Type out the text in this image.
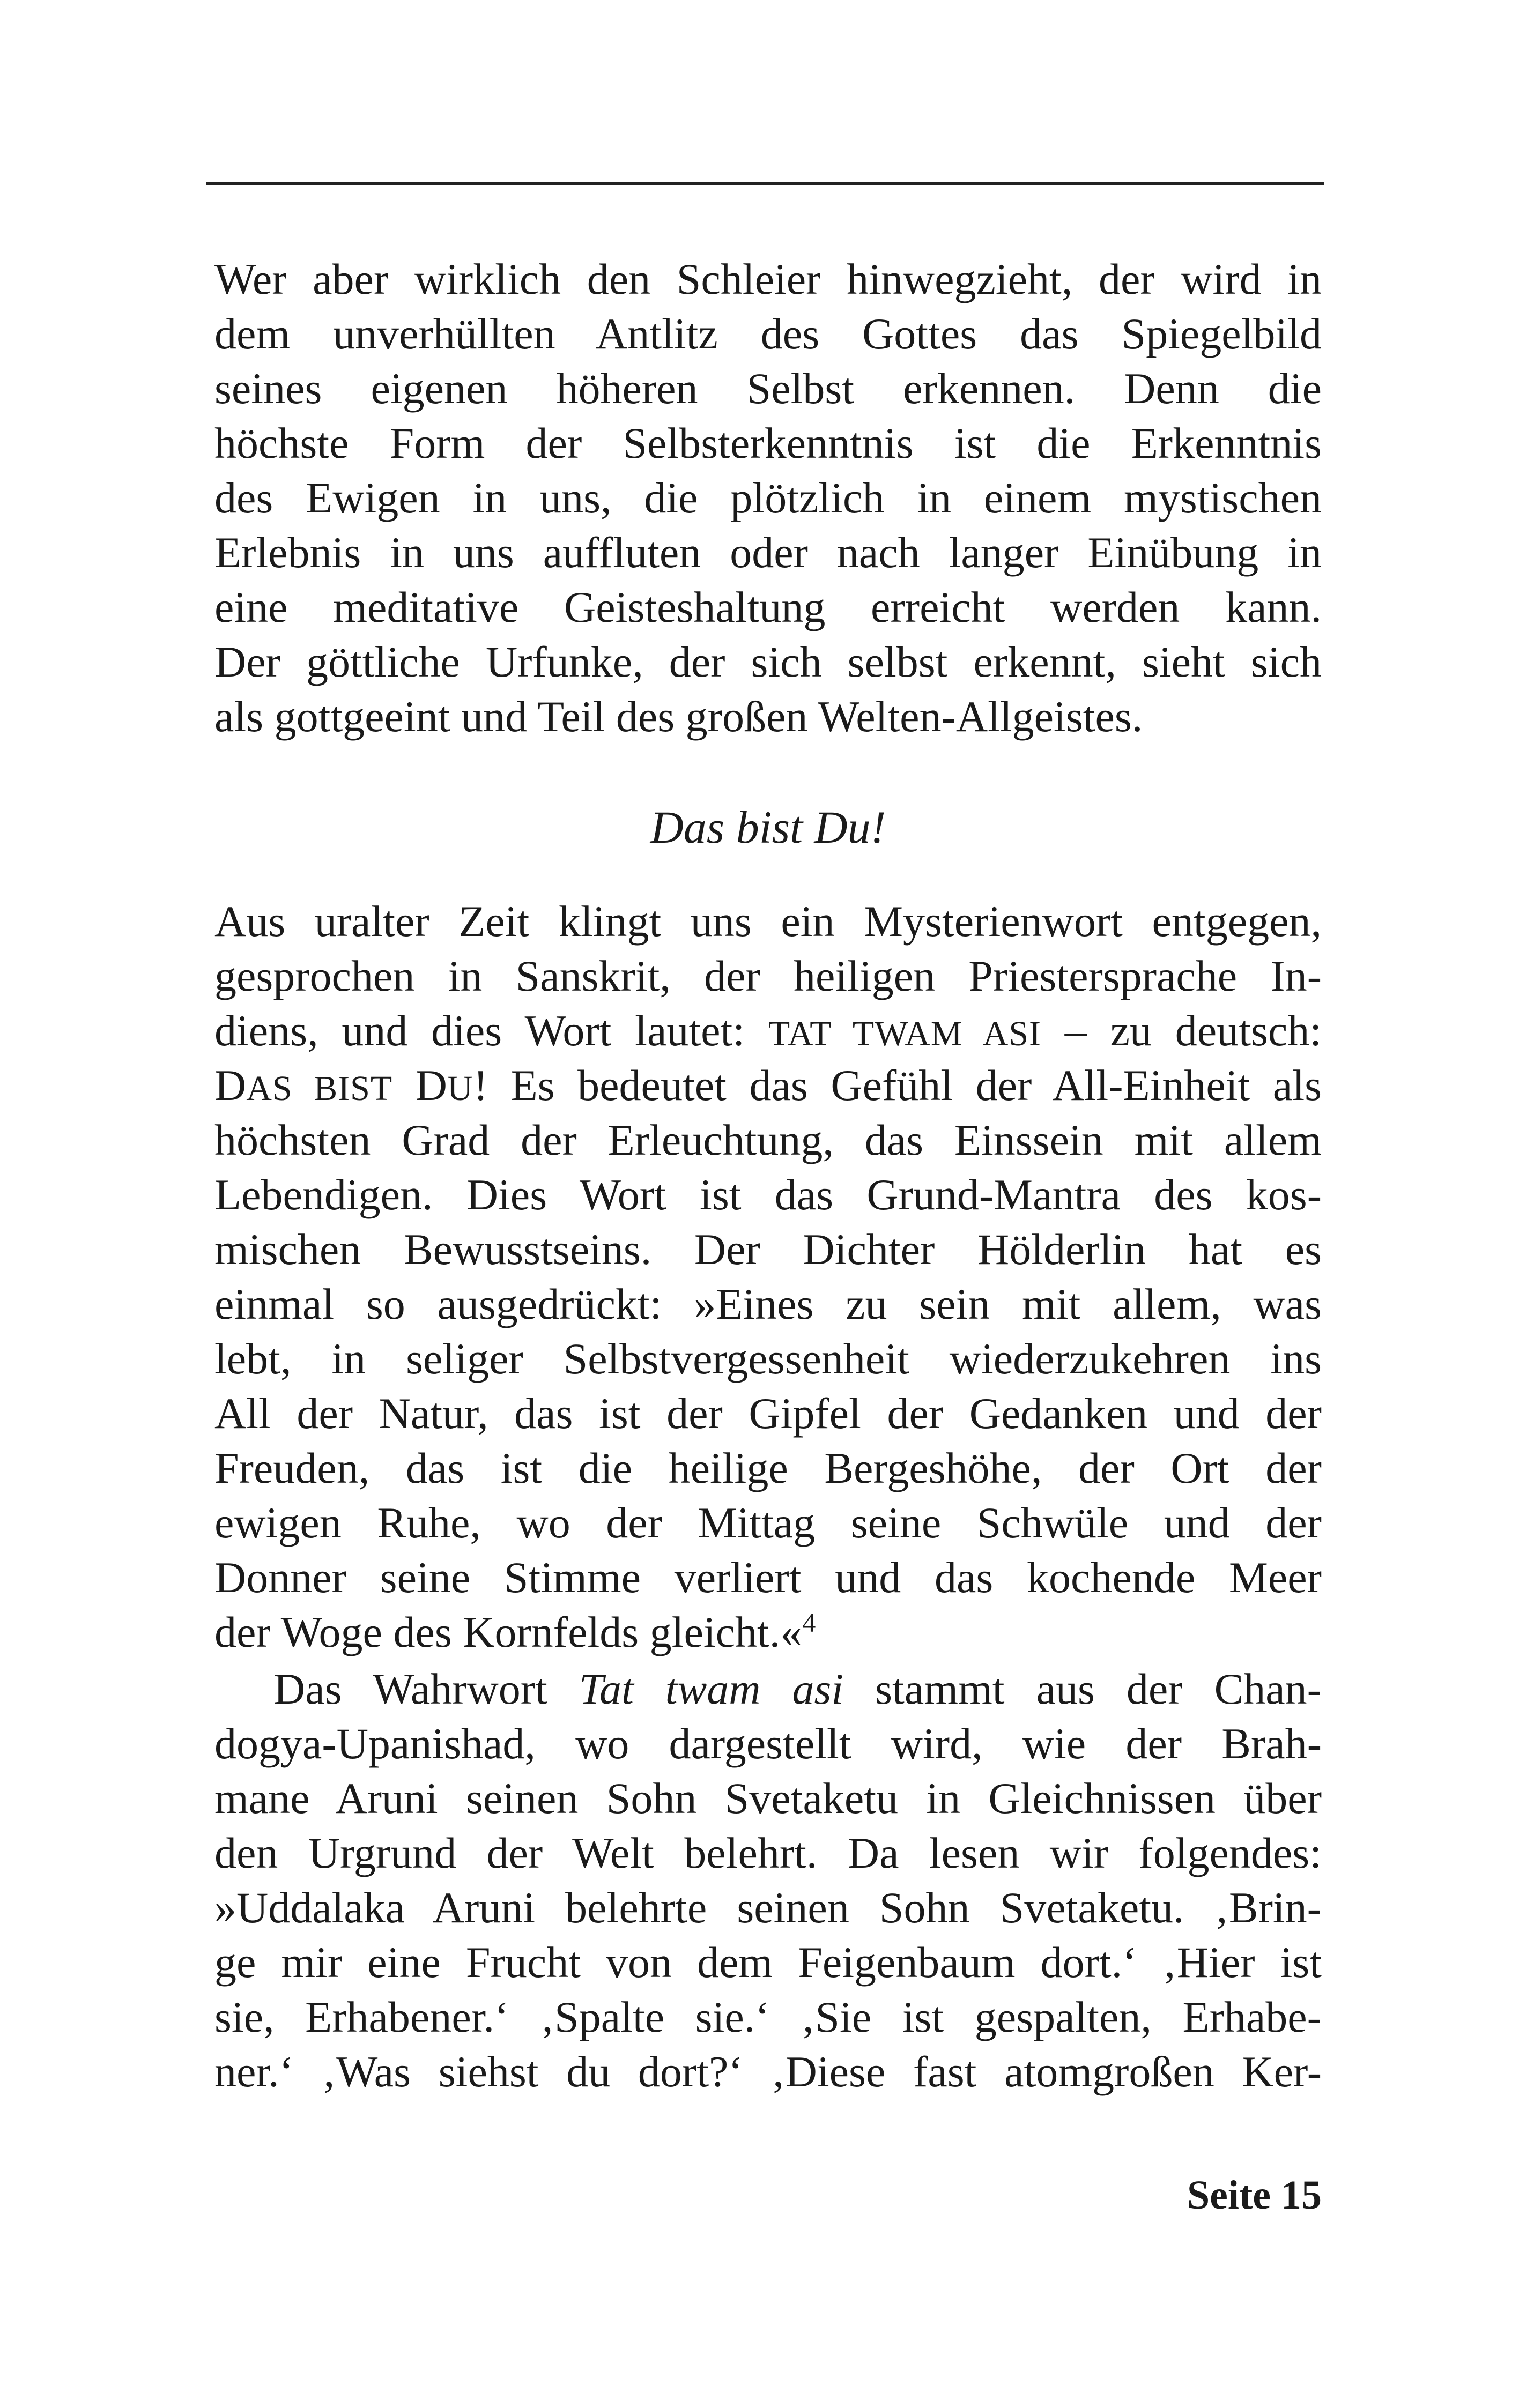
Wer aber wirklich den Schleier hinwegzieht, der wird in
dem unverhüllten Antlitz des Gottes das Spiegelbild
seines eigenen höheren Selbst erkennen. Denn die
höchste Form der Selbsterkenntnis ist die Erkenntnis
des Ewigen in uns, die plötzlich in einem mystischen
Erlebnis in uns auffluten oder nach langer Einübung in
eine meditative Geisteshaltung erreicht werden kann.
Der göttliche Urfunke, der sich selbst erkennt, sieht sich
als gottgeeint und Teil des großen Welten-Allgeistes.
Das bist Du!
Aus uralter Zeit klingt uns ein Mysterienwort entgegen,
gesprochen in Sanskrit, der heiligen Priestersprache In-
diens, und dies Wort lautet: TAT TWAM ASI – zu deutsch:
DAS BIST DU! Es bedeutet das Gefühl der All-Einheit als
höchsten Grad der Erleuchtung, das Einssein mit allem
Lebendigen. Dies Wort ist das Grund-Mantra des kos-
mischen Bewusstseins. Der Dichter Hölderlin hat es
einmal so ausgedrückt: »Eines zu sein mit allem, was
lebt, in seliger Selbstvergessenheit wiederzukehren ins
All der Natur, das ist der Gipfel der Gedanken und der
Freuden, das ist die heilige Bergeshöhe, der Ort der
ewigen Ruhe, wo der Mittag seine Schwüle und der
Donner seine Stimme verliert und das kochende Meer
der Woge des Kornfelds gleicht.«$^4$
Das Wahrwort Tat twam asi stammt aus der Chan-
dogya-Upanishad, wo dargestellt wird, wie der Brah-
mane Aruni seinen Sohn Svetaketu in Gleichnissen über
den Urgrund der Welt belehrt. Da lesen wir folgendes:
»Uddalaka Aruni belehrte seinen Sohn Svetaketu. ‚Brin-
ge mir eine Frucht von dem Feigenbaum dort.‘ ‚Hier ist
sie, Erhabener.‘ ‚Spalte sie.‘ ‚Sie ist gespalten, Erhabe-
ner.‘ ‚Was siehst du dort?‘ ‚Diese fast atomgroßen Ker-
Seite 15
